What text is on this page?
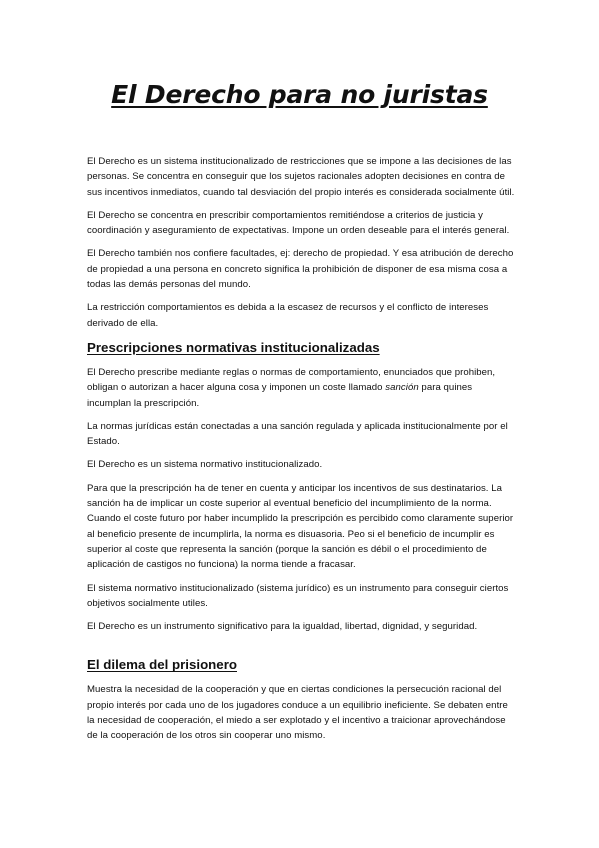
El Derecho para no juristas

El Derecho es un sistema institucionalizado de restricciones que se impone a las decisiones de las personas. Se concentra en conseguir que los sujetos racionales adopten decisiones en contra de sus incentivos inmediatos, cuando tal desviación del propio interés es considerada socialmente útil.

El Derecho se concentra en prescribir comportamientos remitiéndose a criterios de justicia y coordinación y aseguramiento de expectativas. Impone un orden deseable para el interés general.

El Derecho también nos confiere facultades, ej: derecho de propiedad. Y esa atribución de derecho de propiedad a una persona en concreto significa la prohibición de disponer de esa misma cosa a todas las demás personas del mundo.

La restricción comportamientos es debida a la escasez de recursos y el conflicto de intereses derivado de ella.

Prescripciones normativas institucionalizadas

El Derecho prescribe mediante reglas o normas de comportamiento, enunciados que prohiben, obligan o autorizan a hacer alguna cosa y imponen un coste llamado sanción para quines incumplan la prescripción.

La normas jurídicas están conectadas a una sanción regulada y aplicada institucionalmente por el Estado.

El Derecho es un sistema normativo institucionalizado.

Para que la prescripción ha de tener en cuenta y anticipar los incentivos de sus destinatarios. La sanción ha de implicar un coste superior al eventual beneficio del incumplimiento de la norma. Cuando el coste futuro por haber incumplido la prescripción es percibido como claramente superior al beneficio presente de incumplirla, la norma es disuasoria. Peo si el beneficio de incumplir es superior al coste que representa la sanción (porque la sanción es débil o el procedimiento de aplicación de castigos no funciona) la norma tiende a fracasar.

El sistema normativo institucionalizado (sistema jurídico) es un instrumento para conseguir ciertos objetivos socialmente utiles.

El Derecho es un instrumento significativo para la igualdad, libertad, dignidad, y seguridad.

El dilema del prisionero

Muestra la necesidad de la cooperación y que en ciertas condiciones la persecución racional del propio interés por cada uno de los jugadores conduce a un equilibrio ineficiente. Se debaten entre la necesidad de cooperación, el miedo a ser explotado y el incentivo a traicionar aprovechándose de la cooperación de los otros sin cooperar uno mismo.
